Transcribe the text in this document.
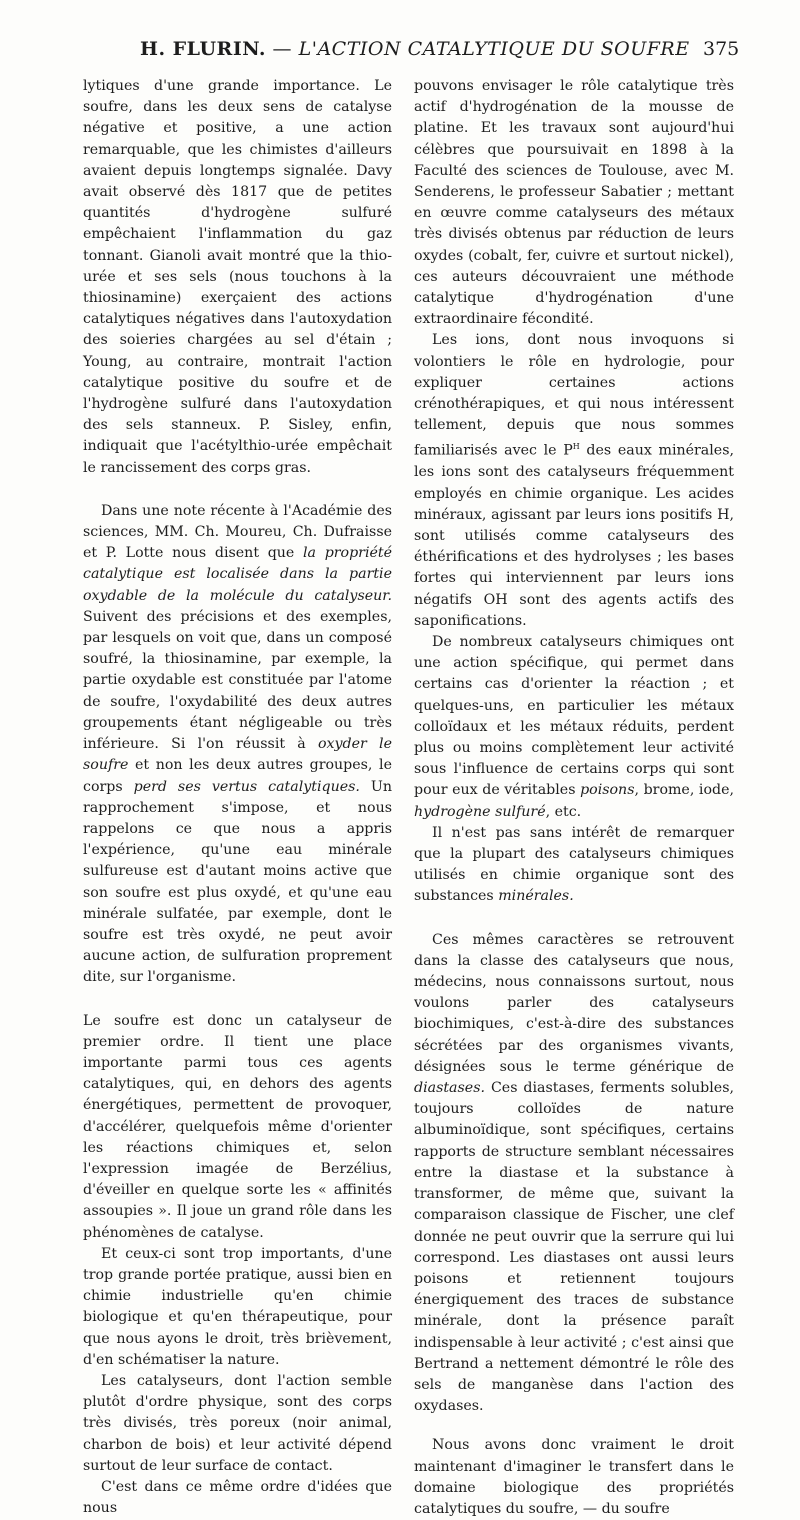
H. FLURIN. — L'ACTION CATALYTIQUE DU SOUFRE 375

lytiques d'une grande importance. Le soufre, dans les deux sens de catalyse négative et positive, a une action remarquable, que les chimistes d'ailleurs avaient depuis longtemps signalée. Davy avait observé dès 1817 que de petites quantités d'hydrogène sulfuré empêchaient l'inflammation du gaz tonnant. Gianoli avait montré que la thio-urée et ses sels (nous touchons à la thiosinamine) exerçaient des actions catalytiques négatives dans l'autoxydation des soieries chargées au sel d'étain ; Young, au contraire, montrait l'action catalytique positive du soufre et de l'hydrogène sulfuré dans l'autoxydation des sels stanneux. P. Sisley, enfin, indiquait que l'acétylthio-urée empêchait le rancissement des corps gras.

Dans une note récente à l'Académie des sciences, MM. Ch. Moureu, Ch. Dufraisse et P. Lotte nous disent que la propriété catalytique est localisée dans la partie oxydable de la molécule du catalyseur. Suivent des précisions et des exemples, par lesquels on voit que, dans un composé soufré, la thiosinamine, par exemple, la partie oxydable est constituée par l'atome de soufre, l'oxydabilité des deux autres groupements étant négligeable ou très inférieure. Si l'on réussit à oxyder le soufre et non les deux autres groupes, le corps perd ses vertus catalytiques. Un rapprochement s'impose, et nous rappelons ce que nous a appris l'expérience, qu'une eau minérale sulfureuse est d'autant moins active que son soufre est plus oxydé, et qu'une eau minérale sulfatée, par exemple, dont le soufre est très oxydé, ne peut avoir aucune action, de sulfuration proprement dite, sur l'organisme.

Le soufre est donc un catalyseur de premier ordre. Il tient une place importante parmi tous ces agents catalytiques, qui, en dehors des agents énergétiques, permettent de provoquer, d'accélérer, quelquefois même d'orienter les réactions chimiques et, selon l'expression imagée de Berzélius, d'éveiller en quelque sorte les « affinités assoupies ». Il joue un grand rôle dans les phénomènes de catalyse.

Et ceux-ci sont trop importants, d'une trop grande portée pratique, aussi bien en chimie industrielle qu'en chimie biologique et qu'en thérapeutique, pour que nous ayons le droit, très brièvement, d'en schématiser la nature.

Les catalyseurs, dont l'action semble plutôt d'ordre physique, sont des corps très divisés, très poreux (noir animal, charbon de bois) et leur activité dépend surtout de leur surface de contact.

C'est dans ce même ordre d'idées que nous

pouvons envisager le rôle catalytique très actif d'hydrogénation de la mousse de platine. Et les travaux sont aujourd'hui célèbres que poursuivait en 1898 à la Faculté des sciences de Toulouse, avec M. Senderens, le professeur Sabatier ; mettant en œuvre comme catalyseurs des métaux très divisés obtenus par réduction de leurs oxydes (cobalt, fer, cuivre et surtout nickel), ces auteurs découvraient une méthode catalytique d'hydrogénation d'une extraordinaire fécondité.

Les ions, dont nous invoquons si volontiers le rôle en hydrologie, pour expliquer certaines actions crénothérapiques, et qui nous intéressent tellement, depuis que nous sommes familiarisés avec le $P^H$ des eaux minérales, les ions sont des catalyseurs fréquemment employés en chimie organique. Les acides minéraux, agissant par leurs ions positifs H, sont utilisés comme catalyseurs des éthérifications et des hydrolyses ; les bases fortes qui interviennent par leurs ions négatifs OH sont des agents actifs des saponifications.

De nombreux catalyseurs chimiques ont une action spécifique, qui permet dans certains cas d'orienter la réaction ; et quelques-uns, en particulier les métaux colloïdaux et les métaux réduits, perdent plus ou moins complètement leur activité sous l'influence de certains corps qui sont pour eux de véritables poisons, brome, iode, hydrogène sulfuré, etc.

Il n'est pas sans intérêt de remarquer que la plupart des catalyseurs chimiques utilisés en chimie organique sont des substances minérales.

Ces mêmes caractères se retrouvent dans la classe des catalyseurs que nous, médecins, nous connaissons surtout, nous voulons parler des catalyseurs biochimiques, c'est-à-dire des substances sécrétées par des organismes vivants, désignées sous le terme générique de diastases. Ces diastases, ferments solubles, toujours colloïdes de nature albuminoïdique, sont spécifiques, certains rapports de structure semblant nécessaires entre la diastase et la substance à transformer, de même que, suivant la comparaison classique de Fischer, une clef donnée ne peut ouvrir que la serrure qui lui correspond. Les diastases ont aussi leurs poisons et retiennent toujours énergiquement des traces de substance minérale, dont la présence paraît indispensable à leur activité ; c'est ainsi que Bertrand a nettement démontré le rôle des sels de manganèse dans l'action des oxydases.

Nous avons donc vraiment le droit maintenant d'imaginer le transfert dans le domaine biologique des propriétés catalytiques du soufre, — du soufre
